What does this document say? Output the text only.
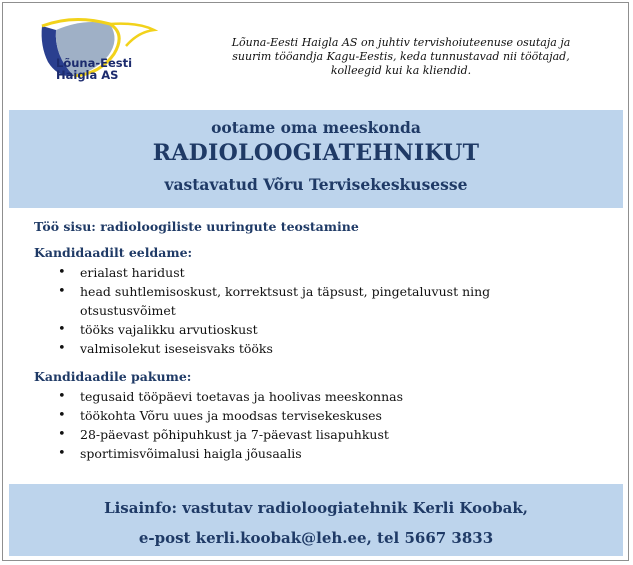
Lõuna-Eesti
Haigla AS
Lõuna-Eesti Haigla AS on juhtiv tervishoiuteenuse osutaja ja
suurim tööandja Kagu-Eestis, keda tunnustavad nii töötajad,
kolleegid kui ka kliendid.
ootame oma meeskonda
RADIOLOOGIATEHNIKUT
vastavatud Võru Tervisekeskusesse
Töö sisu: radioloogiliste uuringute teostamine
Kandidaadilt eeldame:
• erialast haridust
• head suhtlemisoskust, korrektsust ja täpsust, pingetaluvust ning otsustusvõimet
• tööks vajalikku arvutioskust
• valmisolekut iseseisvaks tööks
Kandidaadile pakume:
• tegusaid tööpäevi toetavas ja hoolivas meeskonnas
• töökohta Võru uues ja moodsas tervisekeskuses
• 28-päevast põhipuhkust ja 7-päevast lisapuhkust
• sportimisvõimalusi haigla jõusaalis
Lisainfo: vastutav radioloogiatehnik Kerli Koobak,
e-post kerli.koobak@leh.ee, tel 5667 3833
